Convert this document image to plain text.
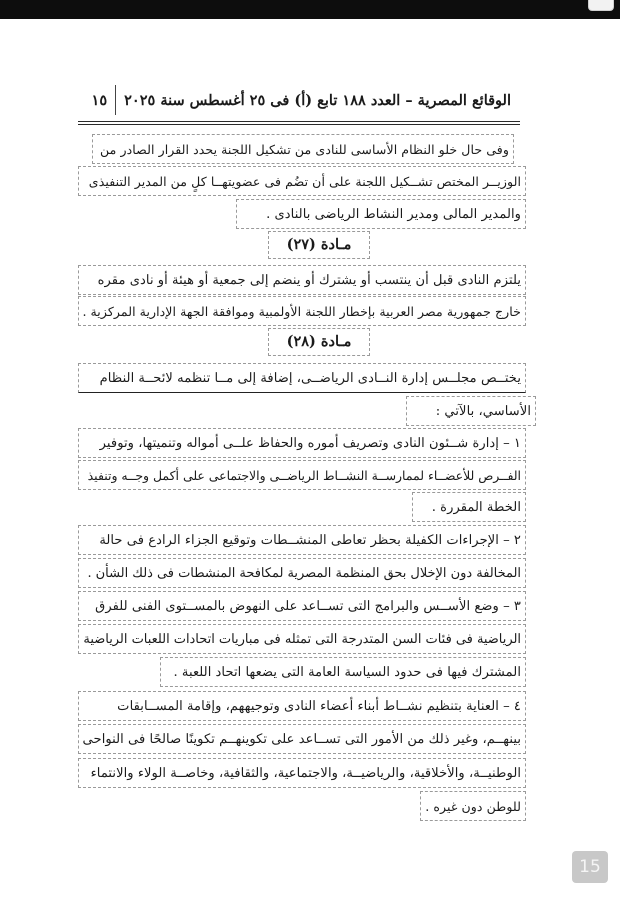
الوقائع المصرية – العدد ١٨٨ تابع (أ) فى ٢٥ أغسطس سنة ٢٠٢٥
١٥
وفى حال خلو النظام الأساسى للنادى من تشكيل اللجنة يحدد القرار الصادر من
الوزيــر المختص تشــكيل اللجنة على أن تضُم فى عضويتهــا كلٍ من المدير التنفيذى
والمدير المالى ومدير النشاط الرياضى بالنادى .
مـادة (٢٧)
يلتزم النادى قبل أن ينتسب أو يشترك أو ينضم إلى جمعية أو هيئة أو نادى مقره
خارج جمهورية مصر العربية بإخطار اللجنة الأولمبية وموافقة الجهة الإدارية المركزية .
مـادة (٢٨)
يختــص مجلــس إدارة النــادى الرياضــى، إضافة إلى مــا تنظمه لائحــة النظام
الأساسي، بالآتي :
١ – إدارة شــئون النادى وتصريف أموره والحفاظ علــى أمواله وتنميتها، وتوفير
الفــرص للأعضــاء لممارســة النشــاط الرياضــى والاجتماعى على أكمل وجــه وتنفيذ
الخطة المقررة .
٢ – الإجراءات الكفيلة بحظر تعاطى المنشــطات وتوقيع الجزاء الرادع فى حالة
المخالفة دون الإخلال بحق المنظمة المصرية لمكافحة المنشطات فى ذلك الشأن .
٣ – وضع الأســس والبرامج التى تســاعد على النهوض بالمســتوى الفنى للفرق
الرياضية فى فئات السن المتدرجة التى تمثله فى مباريات اتحادات اللعبات الرياضية
المشترك فيها فى حدود السياسة العامة التى يضعها اتحاد اللعبة .
٤ – العناية بتنظيم نشــاط أبناء أعضاء النادى وتوجيههم، وإقامة المســابقات
بينهــم، وغير ذلك من الأمور التى تســاعد على تكوينهــم تكوينًا صالحًا فى النواحى
الوطنيــة، والأخلاقية، والرياضيــة، والاجتماعية، والثقافية، وخاصــة الولاء والانتماء
للوطن دون غيره .
15
